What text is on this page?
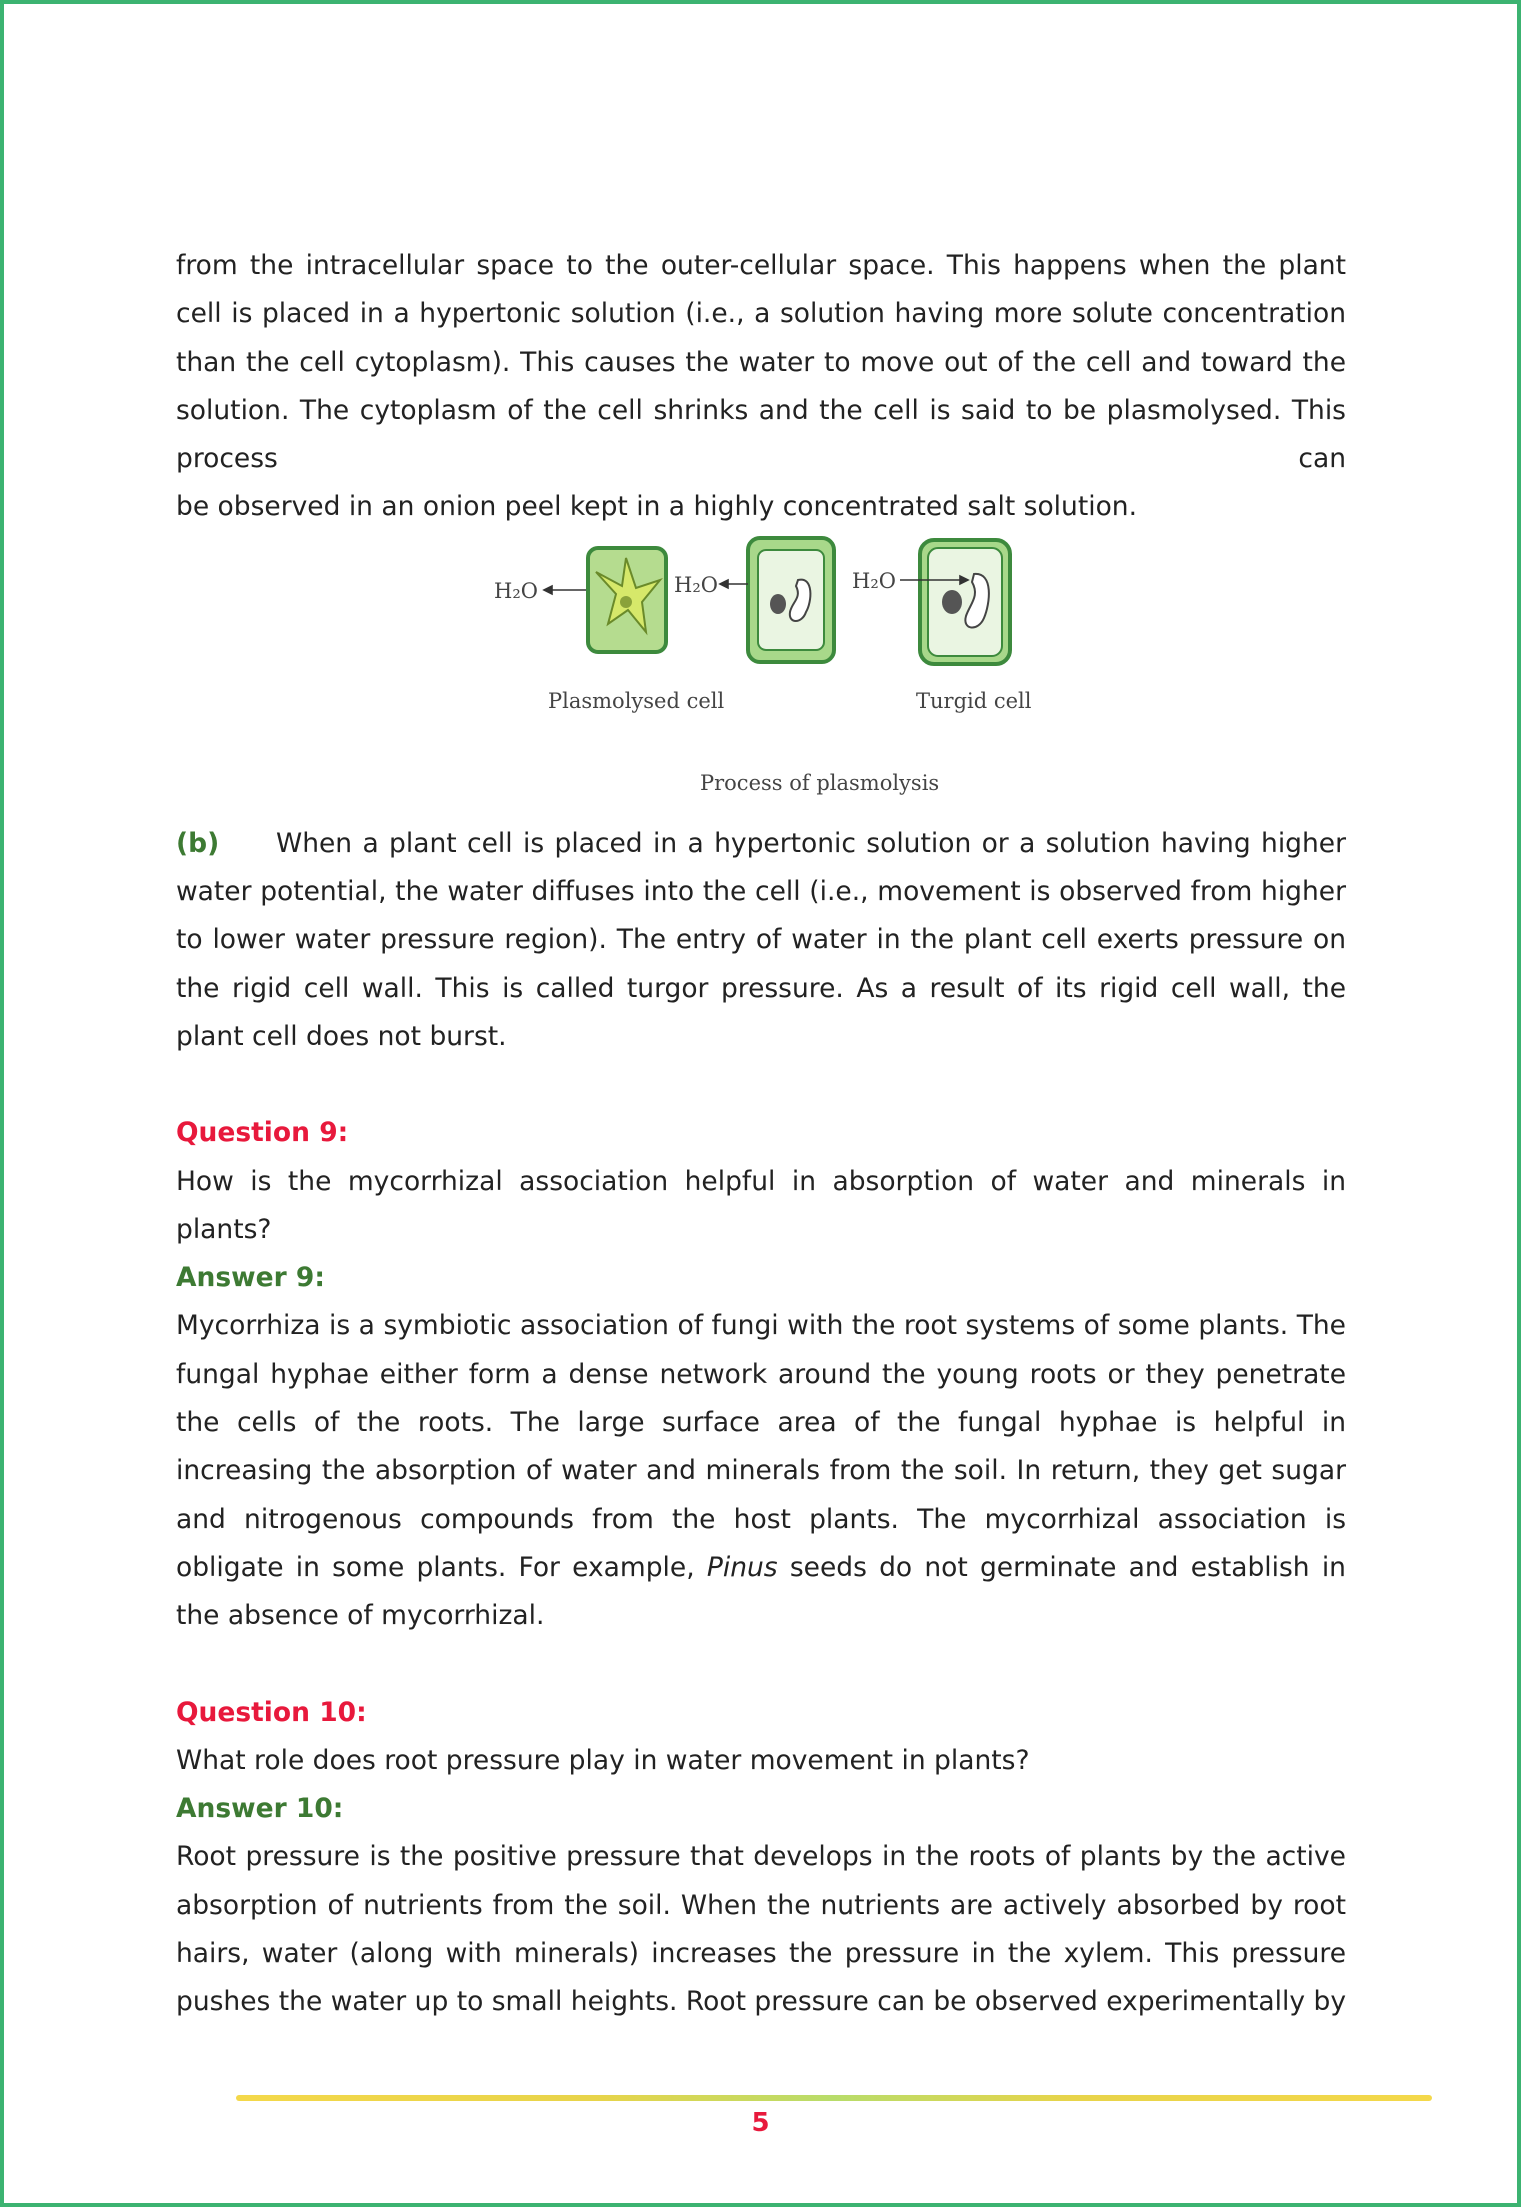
from the intracellular space to the outer-cellular space. This happens when the plant cell is placed in a hypertonic solution (i.e., a solution having more solute concentration than the cell cytoplasm). This causes the water to move out of the cell and toward the solution. The cytoplasm of the cell shrinks and the cell is said to be plasmolysed. This process can

be observed in an onion peel kept in a highly concentrated salt solution.

H₂O	H₂O	H₂O
Plasmolysed cell	Turgid cell
Process of plasmolysis

(b) When a plant cell is placed in a hypertonic solution or a solution having higher water potential, the water diffuses into the cell (i.e., movement is observed from higher to lower water pressure region). The entry of water in the plant cell exerts pressure on the rigid cell wall. This is called turgor pressure. As a result of its rigid cell wall, the plant cell does not burst.

Question 9:

How is the mycorrhizal association helpful in absorption of water and minerals in plants?

Answer 9:

Mycorrhiza is a symbiotic association of fungi with the root systems of some plants. The fungal hyphae either form a dense network around the young roots or they penetrate the cells of the roots. The large surface area of the fungal hyphae is helpful in increasing the absorption of water and minerals from the soil. In return, they get sugar and nitrogenous compounds from the host plants. The mycorrhizal association is obligate in some plants. For example, Pinus seeds do not germinate and establish in the absence of mycorrhizal.

Question 10:

What role does root pressure play in water movement in plants?

Answer 10:

Root pressure is the positive pressure that develops in the roots of plants by the active absorption of nutrients from the soil. When the nutrients are actively absorbed by root hairs, water (along with minerals) increases the pressure in the xylem. This pressure pushes the water up to small heights. Root pressure can be observed experimentally by

5
